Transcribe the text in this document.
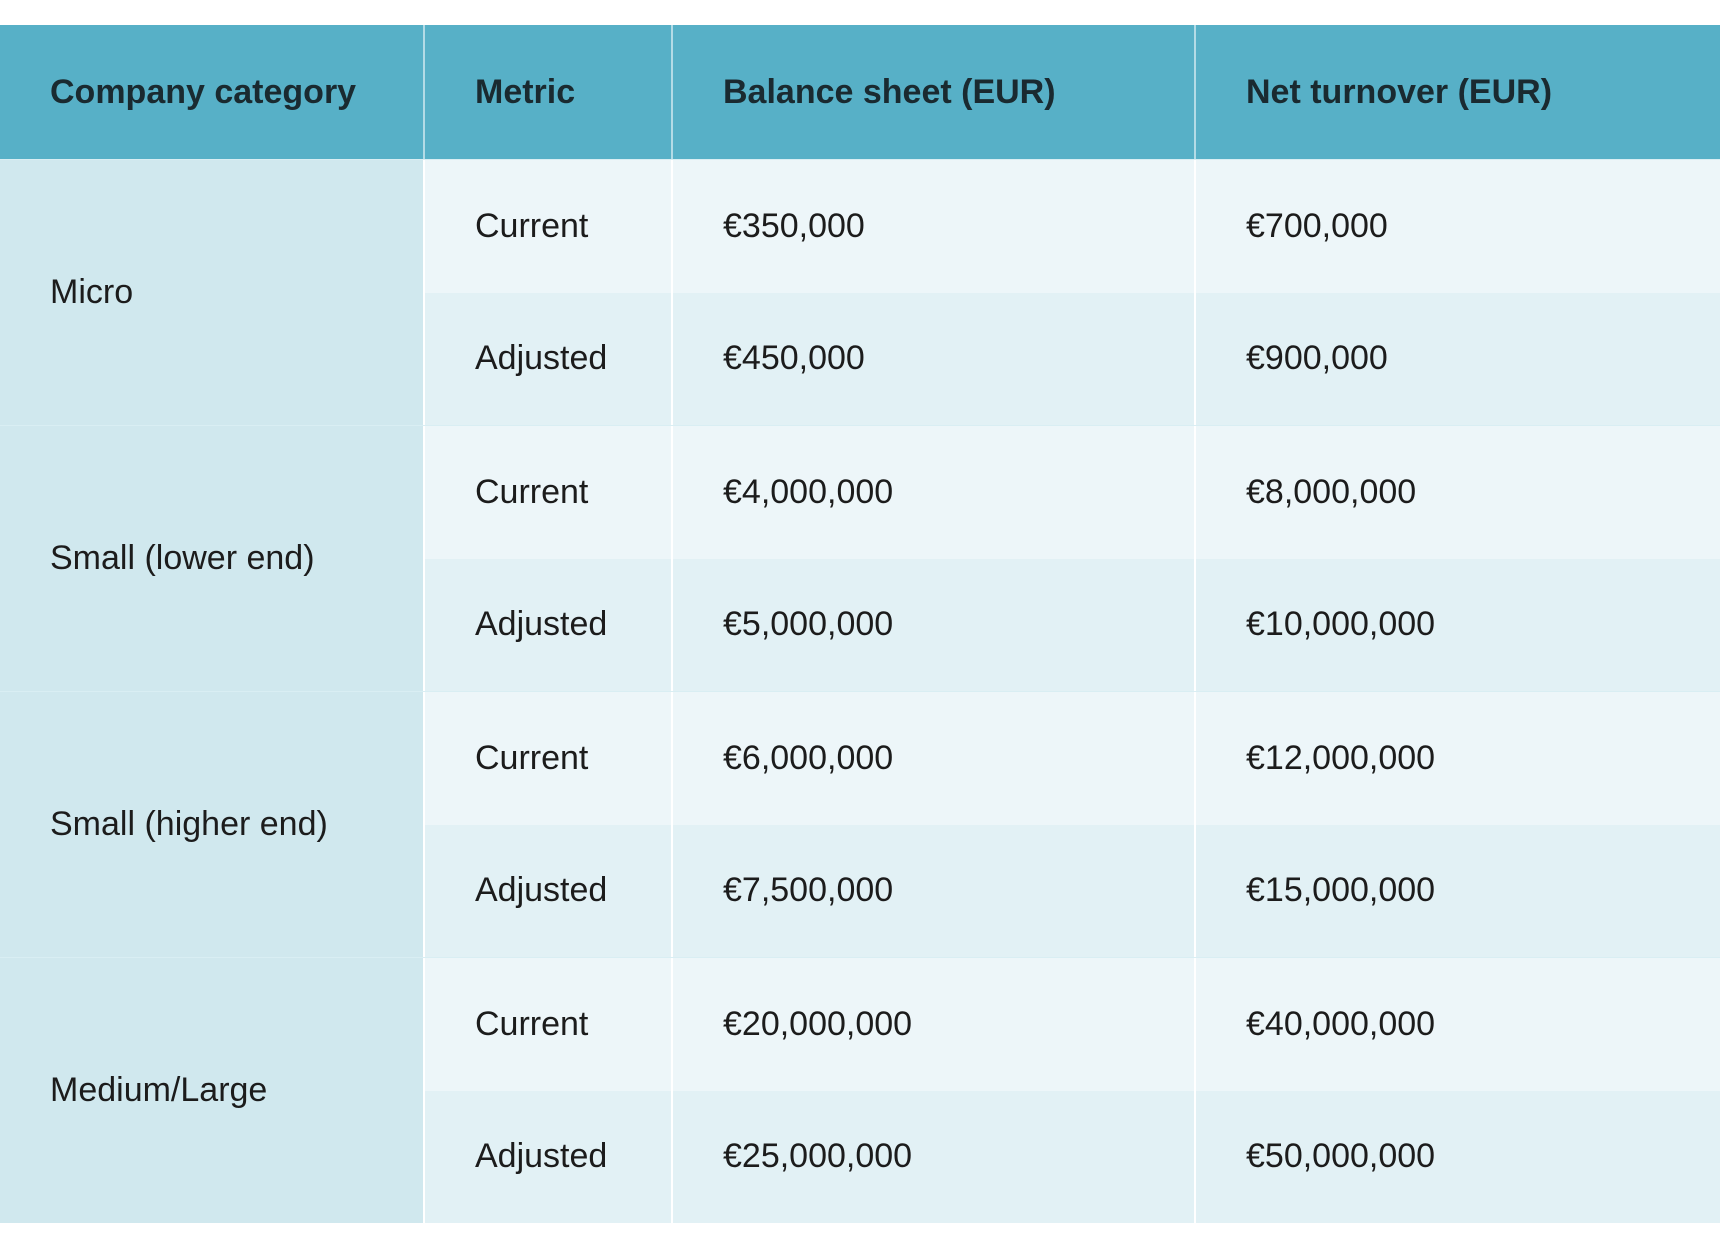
Company category	Metric	Balance sheet (EUR)	Net turnover (EUR)
Micro
Current	€350,000	€700,000
Adjusted	€450,000	€900,000
Small (lower end)
Current	€4,000,000	€8,000,000
Adjusted	€5,000,000	€10,000,000
Small (higher end)
Current	€6,000,000	€12,000,000
Adjusted	€7,500,000	€15,000,000
Medium/Large
Current	€20,000,000	€40,000,000
Adjusted	€25,000,000	€50,000,000
